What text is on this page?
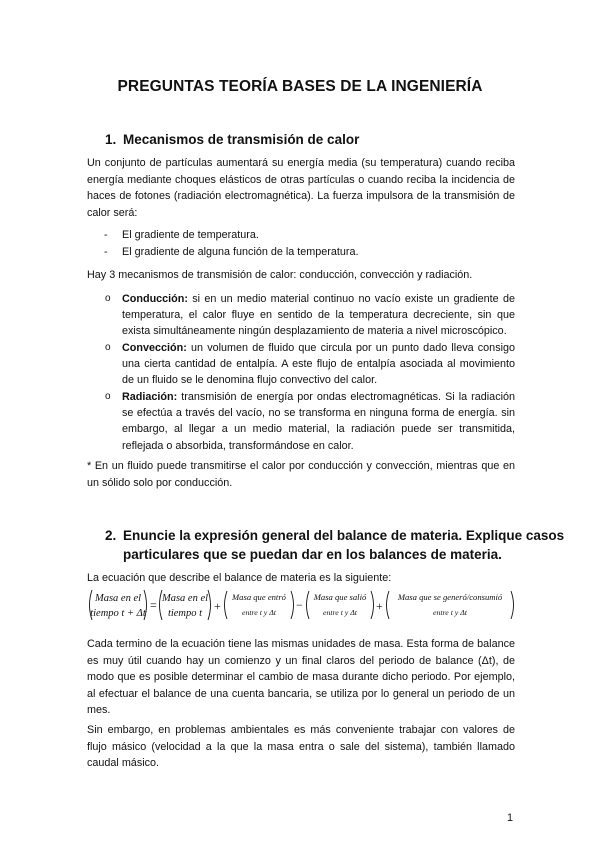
PREGUNTAS TEORÍA BASES DE LA INGENIERÍA
1. Mecanismos de transmisión de calor
Un conjunto de partículas aumentará su energía media (su temperatura) cuando reciba energía mediante choques elásticos de otras partículas o cuando reciba la incidencia de haces de fotones (radiación electromagnética). La fuerza impulsora de la transmisión de calor será:
- El gradiente de temperatura.
- El gradiente de alguna función de la temperatura.
Hay 3 mecanismos de transmisión de calor: conducción, convección y radiación.
o Conducción: si en un medio material continuo no vacío existe un gradiente de temperatura, el calor fluye en sentido de la temperatura decreciente, sin que exista simultáneamente ningún desplazamiento de materia a nivel microscópico.
o Convección: un volumen de fluido que circula por un punto dado lleva consigo una cierta cantidad de entalpía. A este flujo de entalpía asociada al movimiento de un fluido se le denomina flujo convectivo del calor.
o Radiación: transmisión de energía por ondas electromagnéticas. Si la radiación se efectúa a través del vacío, no se transforma en ninguna forma de energía. sin embargo, al llegar a un medio material, la radiación puede ser transmitida, reflejada o absorbida, transformándose en calor.
* En un fluido puede transmitirse el calor por conducción y convección, mientras que en un sólido solo por conducción.
2. Enuncie la expresión general del balance de materia. Explique casos
particulares que se puedan dar en los balances de materia.
La ecuación que describe el balance de materia es la siguiente:
Masa en el
tiempo t + Δt
= Masa en el
tiempo t
+
Masa que entró
entre t y Δt
−
Masa que salió
entre t y Δt +
Masa que se generó/consumió
entre t y Δt
Cada termino de la ecuación tiene las mismas unidades de masa. Esta forma de balance es muy útil cuando hay un comienzo y un final claros del periodo de balance (Δt), de modo que es posible determinar el cambio de masa durante dicho periodo. Por ejemplo, al efectuar el balance de una cuenta bancaria, se utiliza por lo general un periodo de un mes.
Sin embargo, en problemas ambientales es más conveniente trabajar con valores de flujo másico (velocidad a la que la masa entra o sale del sistema), también llamado caudal másico.
1
